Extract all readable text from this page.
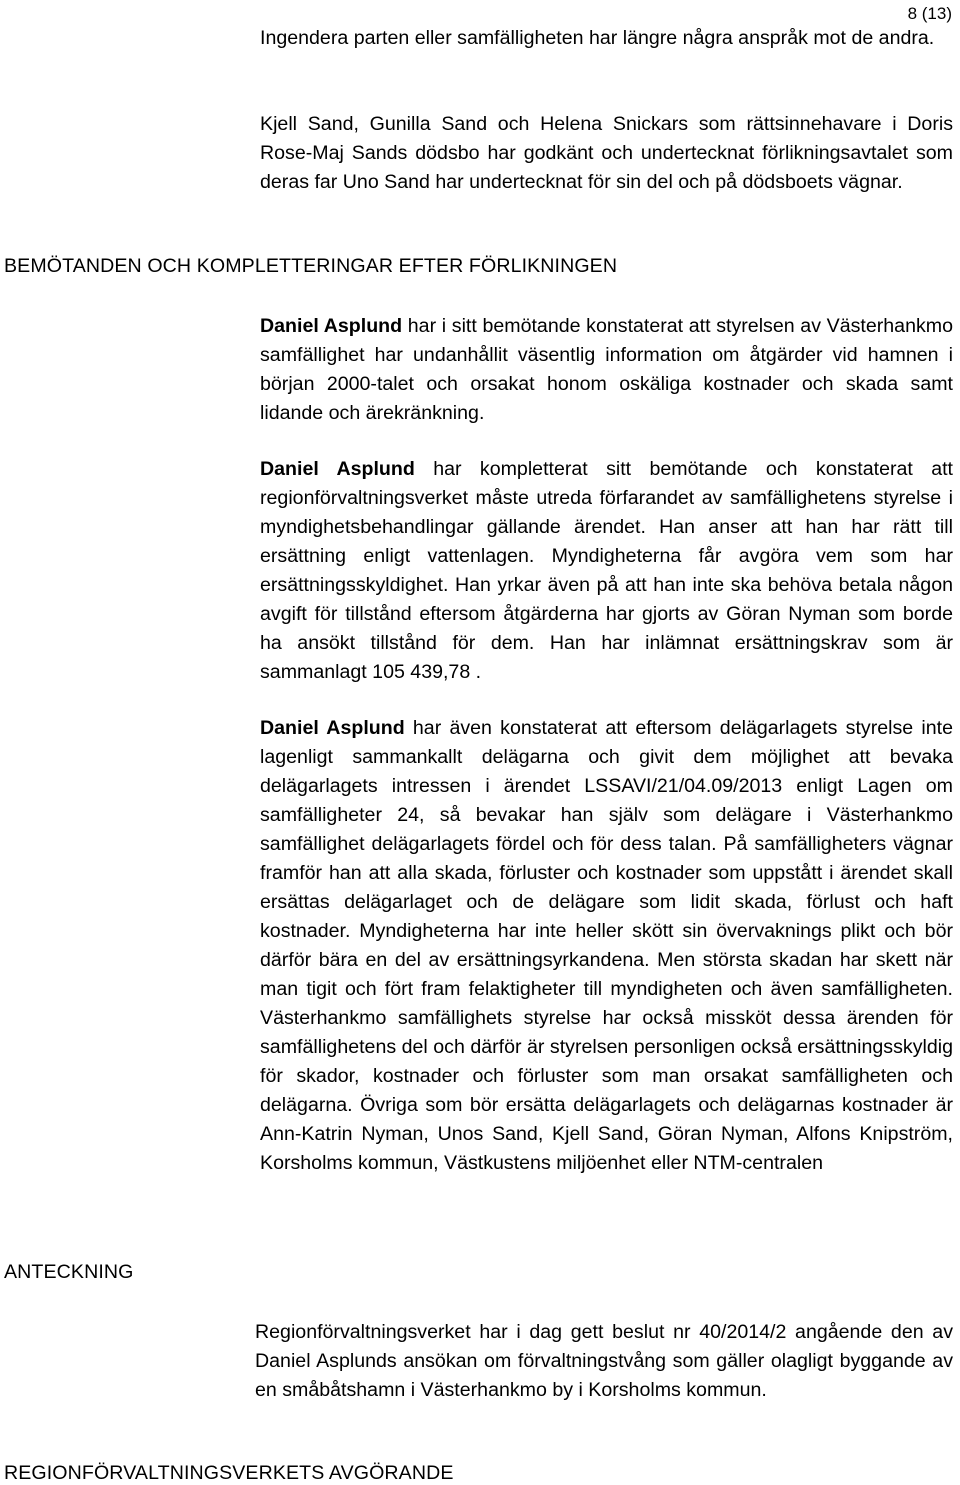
8 (13)

Ingendera parten eller samfälligheten har längre några anspråk mot de andra.

Kjell Sand, Gunilla Sand och Helena Snickars som rättsinnehavare i Doris Rose-Maj Sands dödsbo har godkänt och undertecknat förlikningsavtalet som deras far Uno Sand har undertecknat för sin del och på dödsboets vägnar.

BEMÖTANDEN OCH KOMPLETTERINGAR EFTER FÖRLIKNINGEN

Daniel Asplund har i sitt bemötande konstaterat att styrelsen av Västerhankmo samfällighet har undanhållit väsentlig information om åtgärder vid hamnen i början 2000-talet och orsakat honom oskäliga kostnader och skada samt lidande och ärekränkning.

Daniel Asplund har kompletterat sitt bemötande och konstaterat att regionförvaltningsverket måste utreda förfarandet av samfällighetens styrelse i myndighetsbehandlingar gällande ärendet. Han anser att han har rätt till ersättning enligt vattenlagen. Myndigheterna får avgöra vem som har ersättningsskyldighet. Han yrkar även på att han inte ska behöva betala någon avgift för tillstånd eftersom åtgärderna har gjorts av Göran Nyman som borde ha ansökt tillstånd för dem. Han har inlämnat ersättningskrav som är sammanlagt 105 439,78 .

Daniel Asplund har även konstaterat att eftersom delägarlagets styrelse inte lagenligt sammankallt delägarna och givit dem möjlighet att bevaka delägarlagets intressen i ärendet LSSAVI/21/04.09/2013 enligt Lagen om samfälligheter 24, så bevakar han själv som delägare i Västerhankmo samfällighet delägarlagets fördel och för dess talan. På samfälligheters vägnar framför han att alla skada, förluster och kostnader som uppstått i ärendet skall ersättas delägarlaget och de delägare som lidit skada, förlust och haft kostnader. Myndigheterna har inte heller skött sin övervaknings plikt och bör därför bära en del av ersättningsyrkandena. Men största skadan har skett när man tigit och fört fram felaktigheter till myndigheten och även samfälligheten. Västerhankmo samfällighets styrelse har också missköt dessa ärenden för samfällighetens del och därför är styrelsen personligen också ersättningsskyldig för skador, kostnader och förluster som man orsakat samfälligheten och delägarna. Övriga som bör ersätta delägarlagets och delägarnas kostnader är Ann-Katrin Nyman, Unos Sand, Kjell Sand, Göran Nyman, Alfons Knipström, Korsholms kommun, Västkustens miljöenhet eller NTM-centralen

ANTECKNING

Regionförvaltningsverket har i dag gett beslut nr 40/2014/2 angående den av Daniel Asplunds ansökan om förvaltningstvång som gäller olagligt byggande av en småbåtshamn i Västerhankmo by i Korsholms kommun.

REGIONFÖRVALTNINGSVERKETS AVGÖRANDE
